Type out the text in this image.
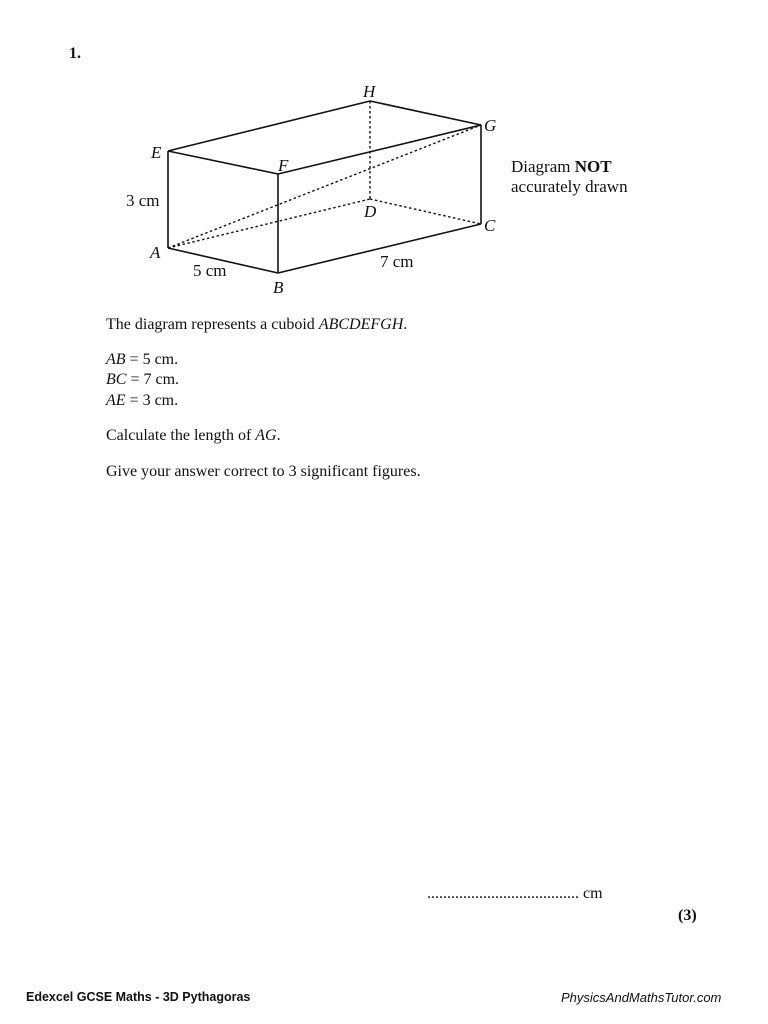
1.
H
G
E
F
D
C
A
B
3 cm
5 cm	7 cm
Diagram NOT
accurately drawn
The diagram represents a cuboid ABCDEFGH.
AB = 5 cm.
BC = 7 cm.
AE = 3 cm.
Calculate the length of AG.
Give your answer correct to 3 significant figures.
...................................... cm
(3)
Edexcel GCSE Maths - 3D Pythagoras	PhysicsAndMathsTutor.com
